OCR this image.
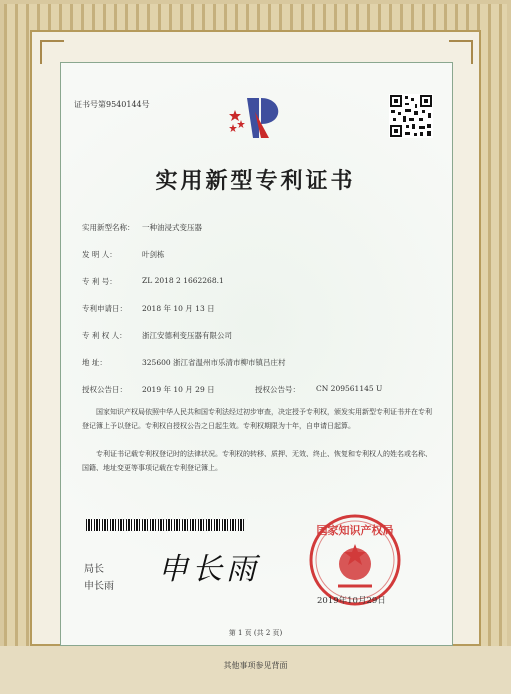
证书号第9540144号
实用新型专利证书
实用新型名称： 一种油浸式变压器
发 明 人：	叶剑栋
专 利 号：	ZL 2018 2 1662268.1
专利申请日： 2018 年 10 月 13 日
专 利 权 人： 浙江安德利变压器有限公司
地 址：	325600 浙江省温州市乐清市柳市镇吕庄村
授权公告日： 2019 年 10 月 29 日	授权公告号： CN 209561145 U
国家知识产权局依照中华人民共和国专利法经过初步审查，决定授予专利权，颁发实用新型专利证书并在专利登记簿上予以登记。专利权自授权公告之日起生效。专利权期限为十年，自申请日起算。
专利证书记载专利权登记时的法律状况。专利权的转移、质押、无效、终止、恢复和专利权人的姓名或名称、国籍、地址变更等事项记载在专利登记簿上。
局长
申长雨 申长雨
国家知识产权局
2019年10月29日
第 1 页 (共 2 页)
其他事项参见背面
